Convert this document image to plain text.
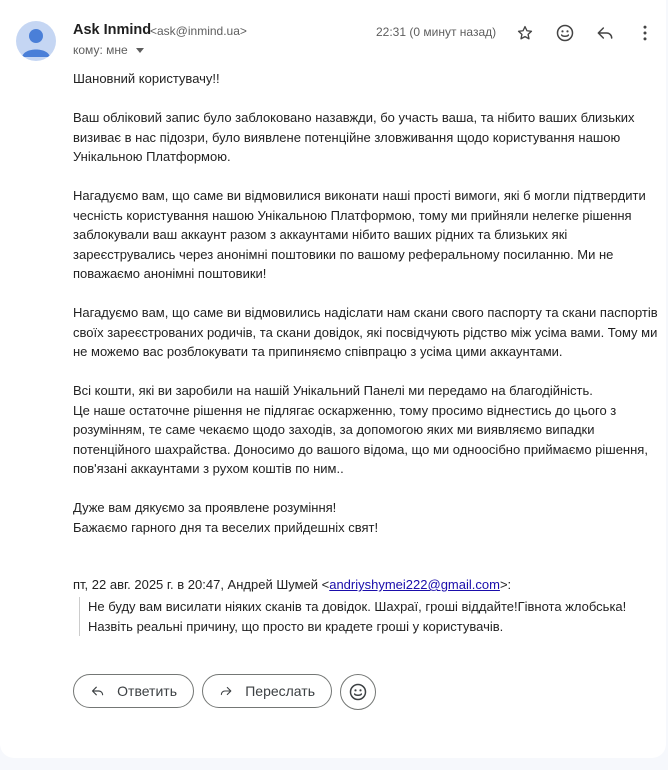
Ask Inmind
<ask@inmind.ua>
кому: мне
22:31 (0 минут назад)

Шановний користувачу!!

Ваш обліковий запис було заблоковано назавжди, бо участь ваша, та нібито ваших близьких визиває в нас підозри, було виявлене потенційне зловживання щодо користування нашою Унікальною Платформою.

Нагадуємо вам, що саме ви відмовилися виконати наші прості вимоги, які б могли підтвердити чесність користування нашою Унікальною Платформою, тому ми прийняли нелегке рішення заблокували ваш аккаунт разом з аккаунтами нібито ваших рідних та близьких які зареєструвались через анонімні поштовики по вашому реферальному посиланню. Ми не поважаємо анонімні поштовики!

Нагадуємо вам, що саме ви відмовились надіслати нам скани свого паспорту та скани паспортів своїх зареєстрованих родичів, та скани довідок, які посвідчують рідство між усіма вами. Тому ми не можемо вас розблокувати та припиняємо співпрацю з усіма цими аккаунтами.

Всі кошти, які ви заробили на нашій Унікальний Панелі ми передамо на благодійність.

Це наше остаточне рішення не підлягає оскарженню, тому просимо віднестись до цього з розумінням, те саме чекаємо щодо заходів, за допомогою яких ми виявляємо випадки потенційного шахрайства. Доносимо до вашого відома, що ми одноосібно приймаємо рішення, пов'язані аккаунтами з рухом коштів по ним..

Дуже вам дякуємо за проявлене розуміння!

Бажаємо гарного дня та веселих прийдешніх свят!

пт, 22 авг. 2025 г. в 20:47, Андрей Шумей <andriyshymei222@gmail.com>:
Не буду вам висилати ніяких сканів та довідок. Шахраї, гроші віддайте!Гівнота жлобська!
Назвіть реальні причину, що просто ви крадете гроші у користувачів.
Ответить	Переслать
